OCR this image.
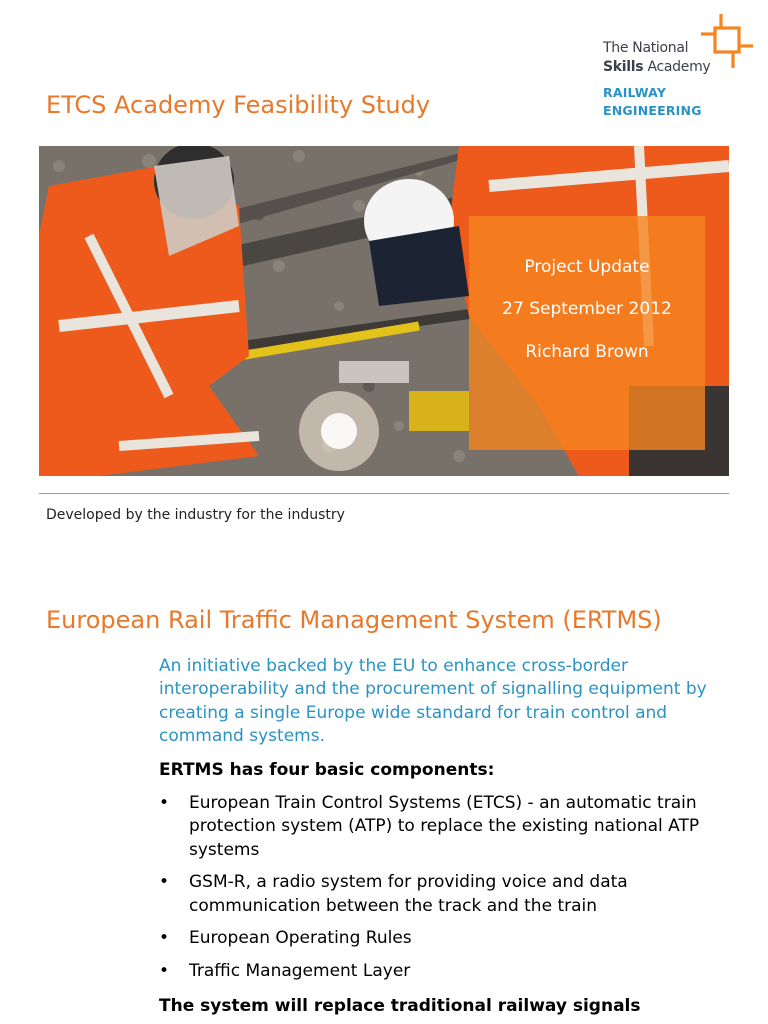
ETCS Academy Feasibility Study
The National
Skills Academy
RAILWAY
ENGINEERING

Project Update

27 September 2012

Richard Brown

Developed by the industry for the industry

European Rail Traffic Management System (ERTMS)

An initiative backed by the EU to enhance cross-border interoperability and the procurement of signalling equipment by creating a single Europe wide standard for train control and command systems.

ERTMS has four basic components:

• European Train Control Systems (ETCS) - an automatic train protection system (ATP) to replace the existing national ATP systems
• GSM-R, a radio system for providing voice and data communication between the track and the train
• European Operating Rules
• Traffic Management Layer

The system will replace traditional railway signals
